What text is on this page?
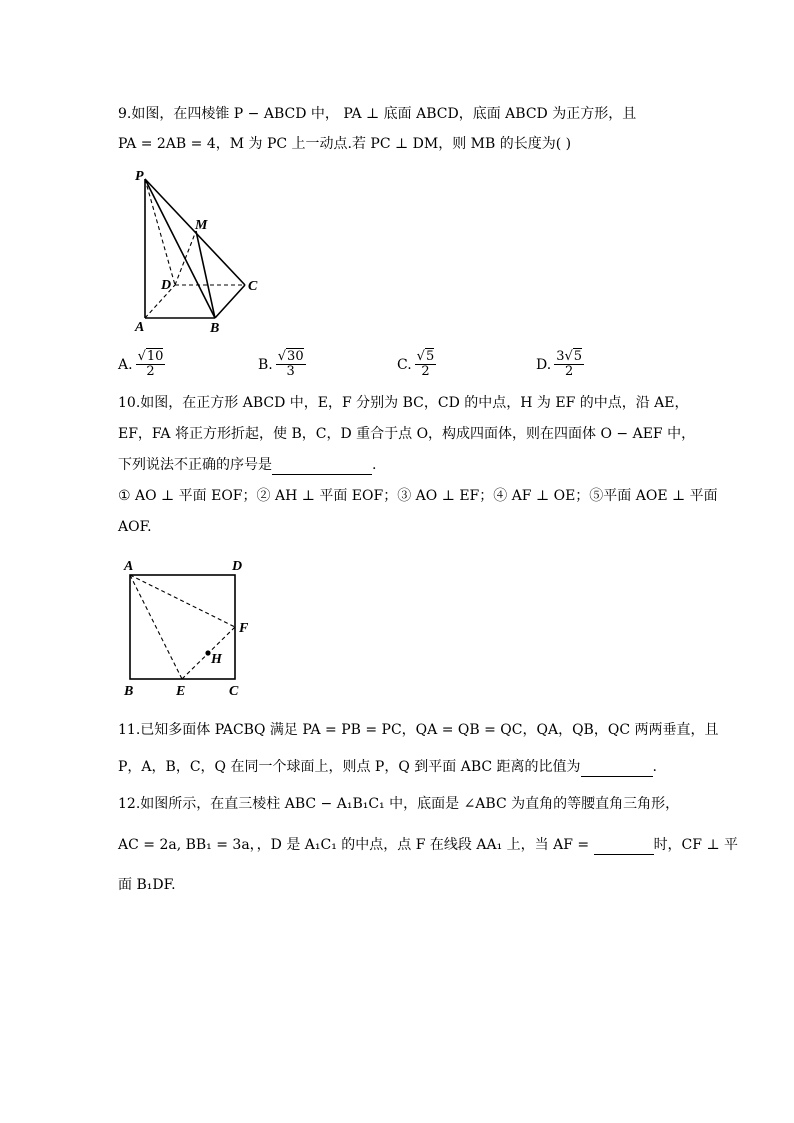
9.如图，在四棱锥 P − ABCD 中， PA ⊥ 底面 ABCD，底面 ABCD 为正方形，且
PA = 2AB = 4，M 为 PC 上一动点.若 PC ⊥ DM，则 MB 的长度为( )
P
M
D	C
A	B
A. $\frac{√10}{2}$	B. $\frac{√30}{3}$	C. $\frac{√5}{2}$	D. $\frac{3√5}{2}$
10.如图，在正方形 ABCD 中，E，F 分别为 BC，CD 的中点，H 为 EF 的中点，沿 AE，
EF，FA 将正方形折起，使 B，C，D 重合于点 O，构成四面体，则在四面体 O − AEF 中，
下列说法不正确的序号是	.
① AO ⊥ 平面 EOF；② AH ⊥ 平面 EOF；③ AO ⊥ EF；④ AF ⊥ OE；⑤平面 AOE ⊥ 平面
AOF.
A	D
F
H
B	E	C
11.已知多面体 PACBQ 满足 PA = PB = PC，QA = QB = QC，QA，QB，QC 两两垂直，且
P，A，B，C，Q 在同一个球面上，则点 P，Q 到平面 ABC 距离的比值为	.
12.如图所示，在直三棱柱 ABC − A₁B₁C₁ 中，底面是 ∠ABC 为直角的等腰直角三角形，
AC = 2a, BB₁ = 3a，，D 是 A₁C₁ 的中点，点 F 在线段 AA₁ 上，当 AF =	时，CF ⊥ 平
面 B₁DF.
